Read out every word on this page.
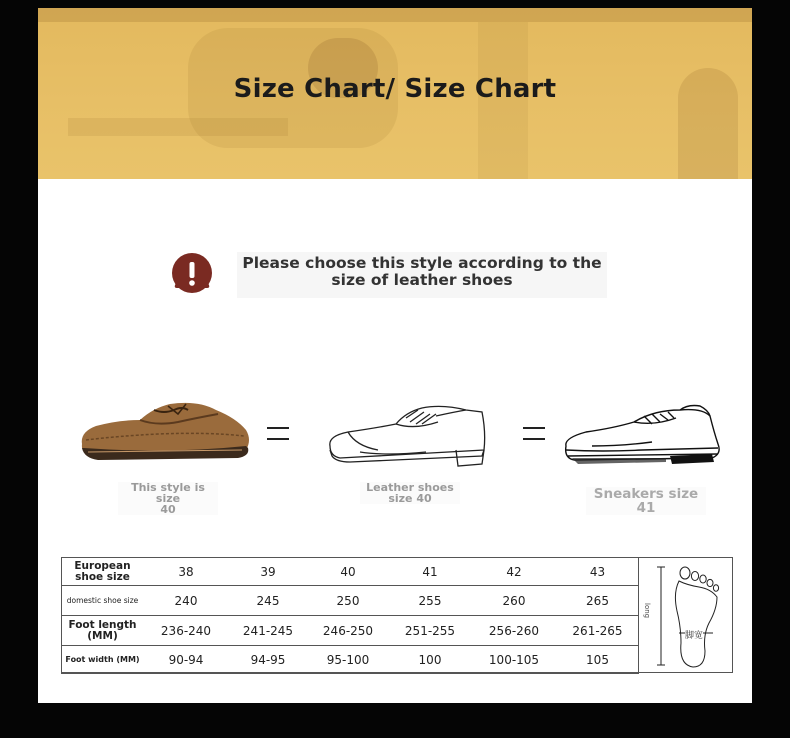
Size Chart/ Size Chart
Please choose this style according to the
size of leather shoes
This style is size
40
Leather shoes
size 40	Sneakers size 41
European
shoe size	38	39	40	41	42	43
domestic shoe size	240	245	250	255	260	265

Foot length
(MM)	236-240	241-245	246-250	251-255	256-260	261-265
Foot width (MM)	90-94	94-95	95-100	100	100-105	105
long
脚宽
